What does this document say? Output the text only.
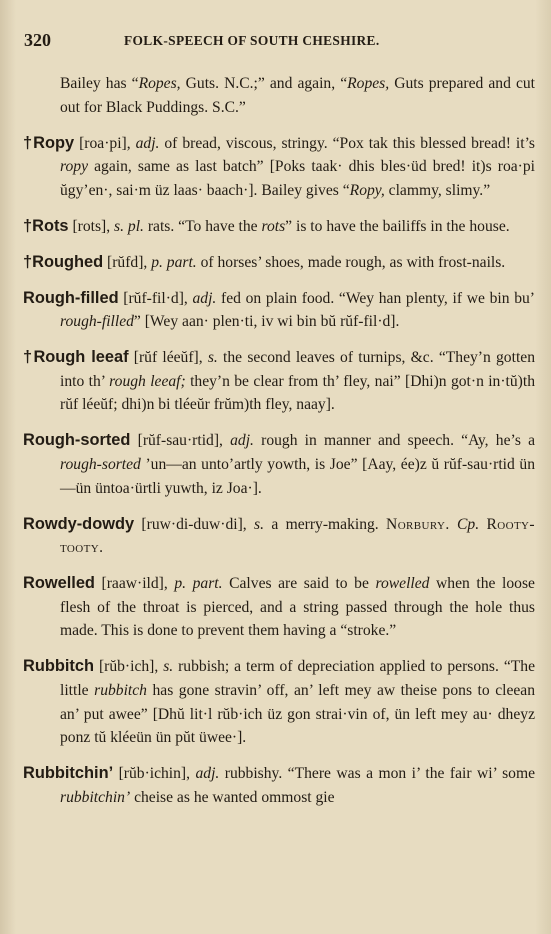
320	FOLK-SPEECH OF SOUTH CHESHIRE.

Bailey has “Ropes, Guts. N.C.;” and again, “Ropes, Guts prepared and cut out for Black Puddings. S.C.”

†Ropy [roa·pi], adj. of bread, viscous, stringy. “Pox tak this blessed bread! it’s ropy again, same as last batch” [Poks taak· dhis bles·üd bred! it)s roa·pi ŭgy’en·, sai·m üz laas· baach·]. Bailey gives “Ropy, clammy, slimy.”

†Rots [rots], s. pl. rats. “To have the rots” is to have the bailiffs in the house.

†Roughed [rŭfd], p. part. of horses’ shoes, made rough, as with frost-nails.

Rough-filled [rŭf-fil·d], adj. fed on plain food. “Wey han plenty, if we bin bu’ rough-filled” [Wey aan· plen·ti, iv wi bin bŭ rŭf-fil·d].

†Rough leeaf [rŭf léeŭf], s. the second leaves of turnips, &c. “They’n gotten into th’ rough leeaf; they’n be clear from th’ fley, nai” [Dhi)n got·n in·tŭ)th rŭf léeŭf; dhi)n bi tléeŭr frŭm)th fley, naay].

Rough-sorted [rŭf-sau·rtid], adj. rough in manner and speech. “Ay, he’s a rough-sorted ’un—an unto’artly yowth, is Joe” [Aay, ée)z ŭ rŭf-sau·rtid ün—ün üntoa·ürtli yuwth, iz Joa·].

Rowdy-dowdy [ruw·di-duw·di], s. a merry-making. Norbury. Cp. Rooty-tooty.

Rowelled [raaw·ild], p. part. Calves are said to be rowelled when the loose flesh of the throat is pierced, and a string passed through the hole thus made. This is done to prevent them having a “stroke.”

Rubbitch [rŭb·ich], s. rubbish; a term of depreciation applied to persons. “The little rubbitch has gone stravin’ off, an’ left mey aw theise pons to cleean an’ put awee” [Dhŭ lit·l rŭb·ich üz gon strai·vin of, ün left mey au· dheyz ponz tŭ kléeün ün pŭt üwee·].

Rubbitchin’ [rŭb·ichin], adj. rubbishy. “There was a mon i’ the fair wi’ some rubbitchin’ cheise as he wanted ommost gie
